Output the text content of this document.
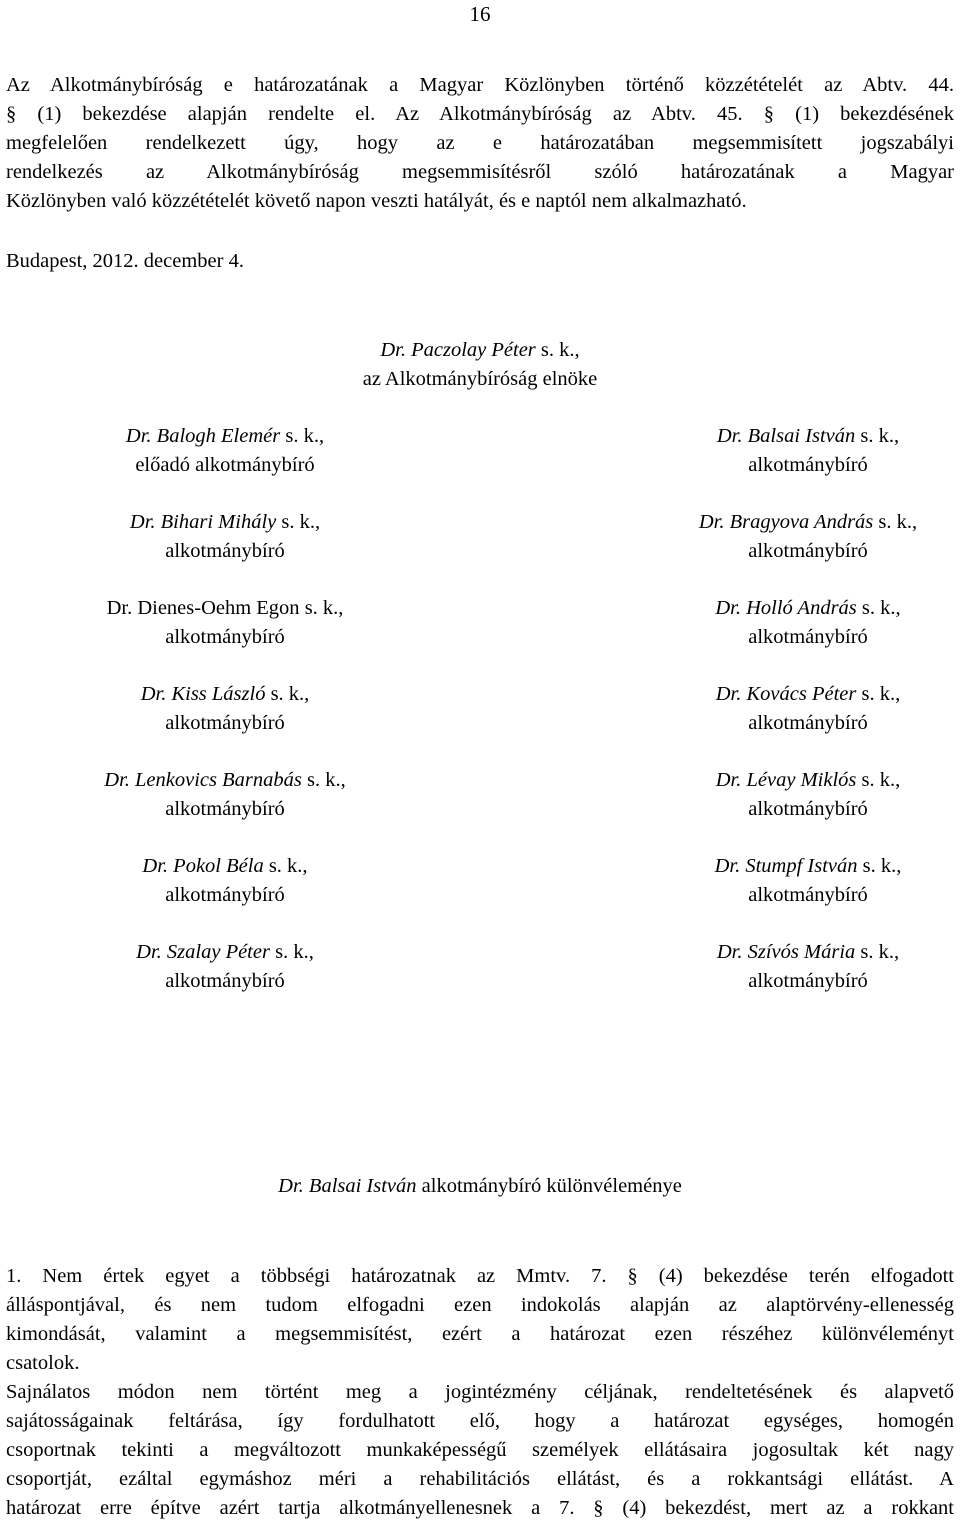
16
Az Alkotmánybíróság e határozatának a Magyar Közlönyben történő közzétételét az Abtv. 44.
§ (1) bekezdése alapján rendelte el. Az Alkotmánybíróság az Abtv. 45. § (1) bekezdésének
megfelelően rendelkezett úgy, hogy az e határozatában megsemmisített jogszabályi
rendelkezés az Alkotmánybíróság megsemmisítésről szóló határozatának a Magyar
Közlönyben való közzétételét követő napon veszti hatályát, és e naptól nem alkalmazható.
Budapest, 2012. december 4.
Dr. Paczolay Péter s. k.,
az Alkotmánybíróság elnöke
Dr. Balogh Elemér s. k.,
előadó alkotmánybíró
Dr. Bihari Mihály s. k.,
alkotmánybíró
Dr. Dienes-Oehm Egon s. k.,
alkotmánybíró
Dr. Kiss László s. k.,
alkotmánybíró
Dr. Lenkovics Barnabás s. k.,
alkotmánybíró
Dr. Pokol Béla s. k.,
alkotmánybíró
Dr. Szalay Péter s. k.,
alkotmánybíró
Dr. Balsai István s. k.,
alkotmánybíró
Dr. Bragyova András s. k.,
alkotmánybíró
Dr. Holló András s. k.,
alkotmánybíró
Dr. Kovács Péter s. k.,
alkotmánybíró
Dr. Lévay Miklós s. k.,
alkotmánybíró
Dr. Stumpf István s. k.,
alkotmánybíró
Dr. Szívós Mária s. k.,
alkotmánybíró
Dr. Balsai István alkotmánybíró különvéleménye
1. Nem értek egyet a többségi határozatnak az Mmtv. 7. § (4) bekezdése terén elfogadott
álláspontjával, és nem tudom elfogadni ezen indokolás alapján az alaptörvény-ellenesség
kimondását, valamint a megsemmisítést, ezért a határozat ezen részéhez különvéleményt
csatolok.
Sajnálatos módon nem történt meg a jogintézmény céljának, rendeltetésének és alapvető
sajátosságainak feltárása, így fordulhatott elő, hogy a határozat egységes, homogén
csoportnak tekinti a megváltozott munkaképességű személyek ellátásaira jogosultak két nagy
csoportját, ezáltal egymáshoz méri a rehabilitációs ellátást, és a rokkantsági ellátást. A
határozat erre építve azért tartja alkotmányellenesnek a 7. § (4) bekezdést, mert az a rokkant
